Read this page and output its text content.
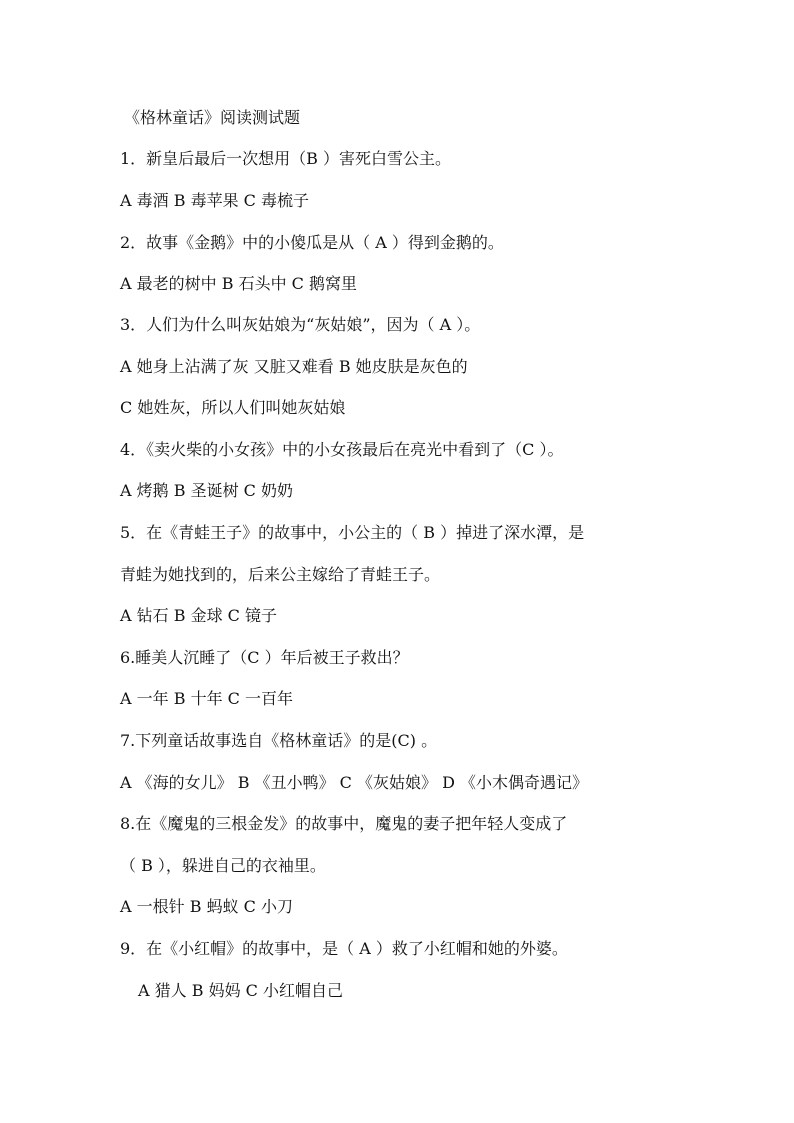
《格林童话》阅读测试题
1．新皇后最后一次想用（B ）害死白雪公主。
A 毒酒 B 毒苹果 C 毒梳子
2．故事《金鹅》中的小傻瓜是从（ A ）得到金鹅的。
A 最老的树中 B 石头中 C 鹅窝里
3．人们为什么叫灰姑娘为“灰姑娘”，因为（ A ）。
A 她身上沾满了灰 又脏又难看 B 她皮肤是灰色的
C 她姓灰，所以人们叫她灰姑娘
4．《卖火柴的小女孩》中的小女孩最后在亮光中看到了（C ）。
A 烤鹅 B 圣诞树 C 奶奶
5．在《青蛙王子》的故事中，小公主的（ B ）掉进了深水潭，是
青蛙为她找到的，后来公主嫁给了青蛙王子。
A 钻石 B 金球 C 镜子
6.睡美人沉睡了（C ）年后被王子救出？
A 一年 B 十年 C 一百年
7.下列童话故事选自《格林童话》的是(C) 。
A 《海的女儿》 B 《丑小鸭》 C 《灰姑娘》 D 《小木偶奇遇记》
8.在《魔鬼的三根金发》的故事中，魔鬼的妻子把年轻人变成了
（ B ），躲进自己的衣袖里。
A 一根针 B 蚂蚁 C 小刀
9．在《小红帽》的故事中，是（ A ）救了小红帽和她的外婆。
A 猎人 B 妈妈 C 小红帽自己
